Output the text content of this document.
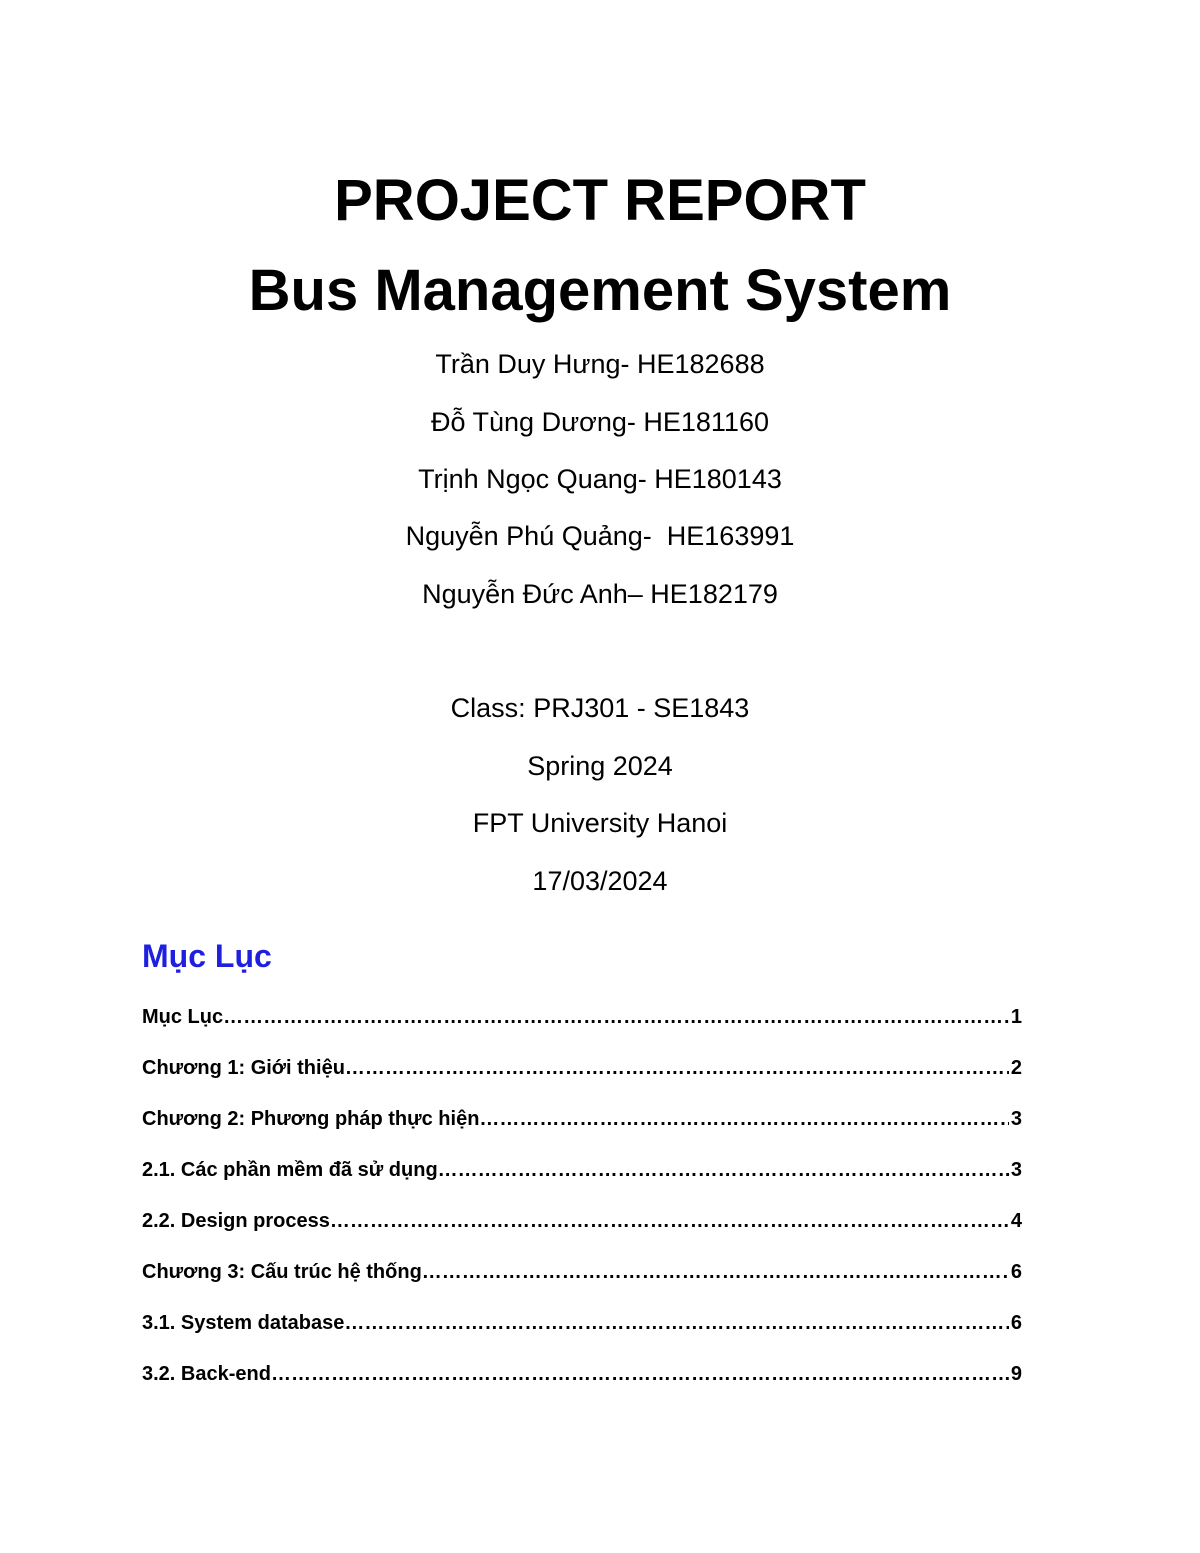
PROJECT REPORT
Bus Management System
Trần Duy Hưng- HE182688
Đỗ Tùng Dương- HE181160
Trịnh Ngọc Quang- HE180143
Nguyễn Phú Quảng-  HE163991
Nguyễn Đức Anh– HE182179
Class: PRJ301 - SE1843
Spring 2024
FPT University Hanoi
17/03/2024
Mục Lục
Mục Lục ………………………………………………………………………………………………………………………………………………………	1
Chương 1: Giới thiệu ………………………………………………………………………………………………………………………………………………………	2
Chương 2: Phương pháp thực hiện ………………………………………………………………………………………………………………………………………………………	3
2.1. Các phần mềm đã sử dụng ………………………………………………………………………………………………………………………………………………………	3
2.2. Design process ………………………………………………………………………………………………………………………………………………………	4
Chương 3: Cấu trúc hệ thống ………………………………………………………………………………………………………………………………………………………	6
3.1. System database ………………………………………………………………………………………………………………………………………………………	6
3.2. Back-end ………………………………………………………………………………………………………………………………………………………	9
